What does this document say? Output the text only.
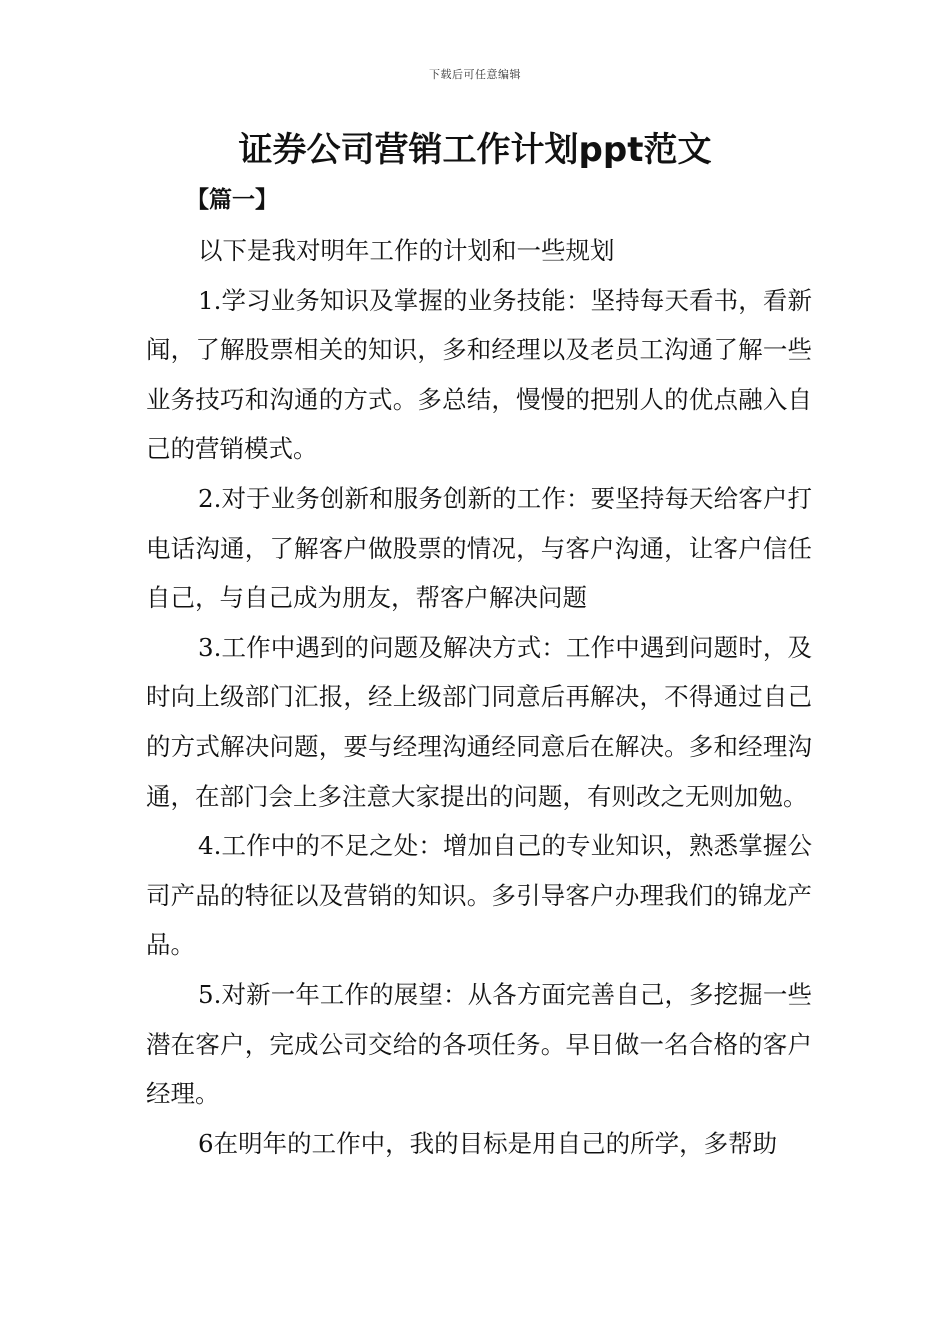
下载后可任意编辑
证券公司营销工作计划ppt范文
【篇一】

以下是我对明年工作的计划和一些规划

1.学习业务知识及掌握的业务技能：坚持每天看书，看新闻，了解股票相关的知识，多和经理以及老员工沟通了解一些业务技巧和沟通的方式。多总结，慢慢的把别人的优点融入自己的营销模式。

2.对于业务创新和服务创新的工作：要坚持每天给客户打电话沟通，了解客户做股票的情况，与客户沟通，让客户信任自己，与自己成为朋友，帮客户解决问题

3.工作中遇到的问题及解决方式：工作中遇到问题时，及时向上级部门汇报，经上级部门同意后再解决，不得通过自己的方式解决问题，要与经理沟通经同意后在解决。多和经理沟通，在部门会上多注意大家提出的问题，有则改之无则加勉。

4.工作中的不足之处：增加自己的专业知识，熟悉掌握公司产品的特征以及营销的知识。多引导客户办理我们的锦龙产品。

5.对新一年工作的展望：从各方面完善自己，多挖掘一些潜在客户，完成公司交给的各项任务。早日做一名合格的客户经理。

6在明年的工作中，我的目标是用自己的所学，多帮助
